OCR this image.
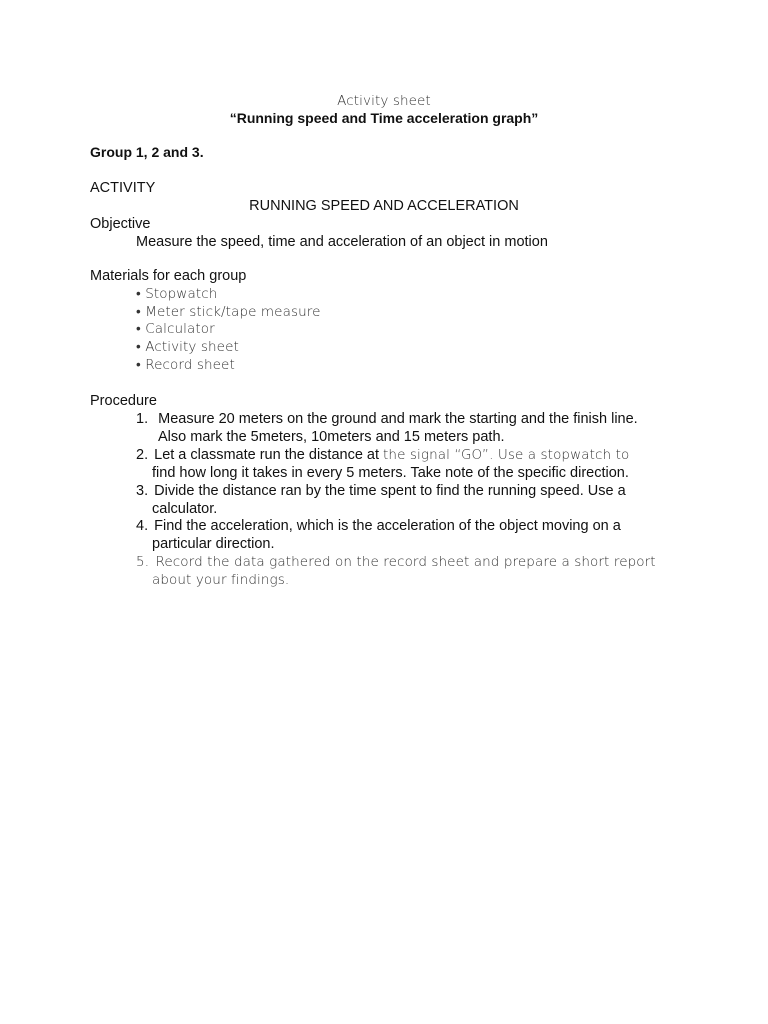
Activity sheet
“Running speed and Time acceleration graph”
Group 1, 2 and 3.
ACTIVITY
RUNNING SPEED AND ACCELERATION
Objective
Measure the speed, time and acceleration of an object in motion
Materials for each group
• Stopwatch
• Meter stick/tape measure
• Calculator
• Activity sheet
• Record sheet
Procedure
1. Measure 20 meters on the ground and mark the starting and the finish line.
Also mark the 5meters, 10meters and 15 meters path.
2. Let a classmate run the distance at the signal “GO”. Use a stopwatch to
find how long it takes in every 5 meters. Take note of the specific direction.
3. Divide the distance ran by the time spent to find the running speed. Use a
calculator.
4. Find the acceleration, which is the acceleration of the object moving on a
particular direction.
5. Record the data gathered on the record sheet and prepare a short report
about your findings.
